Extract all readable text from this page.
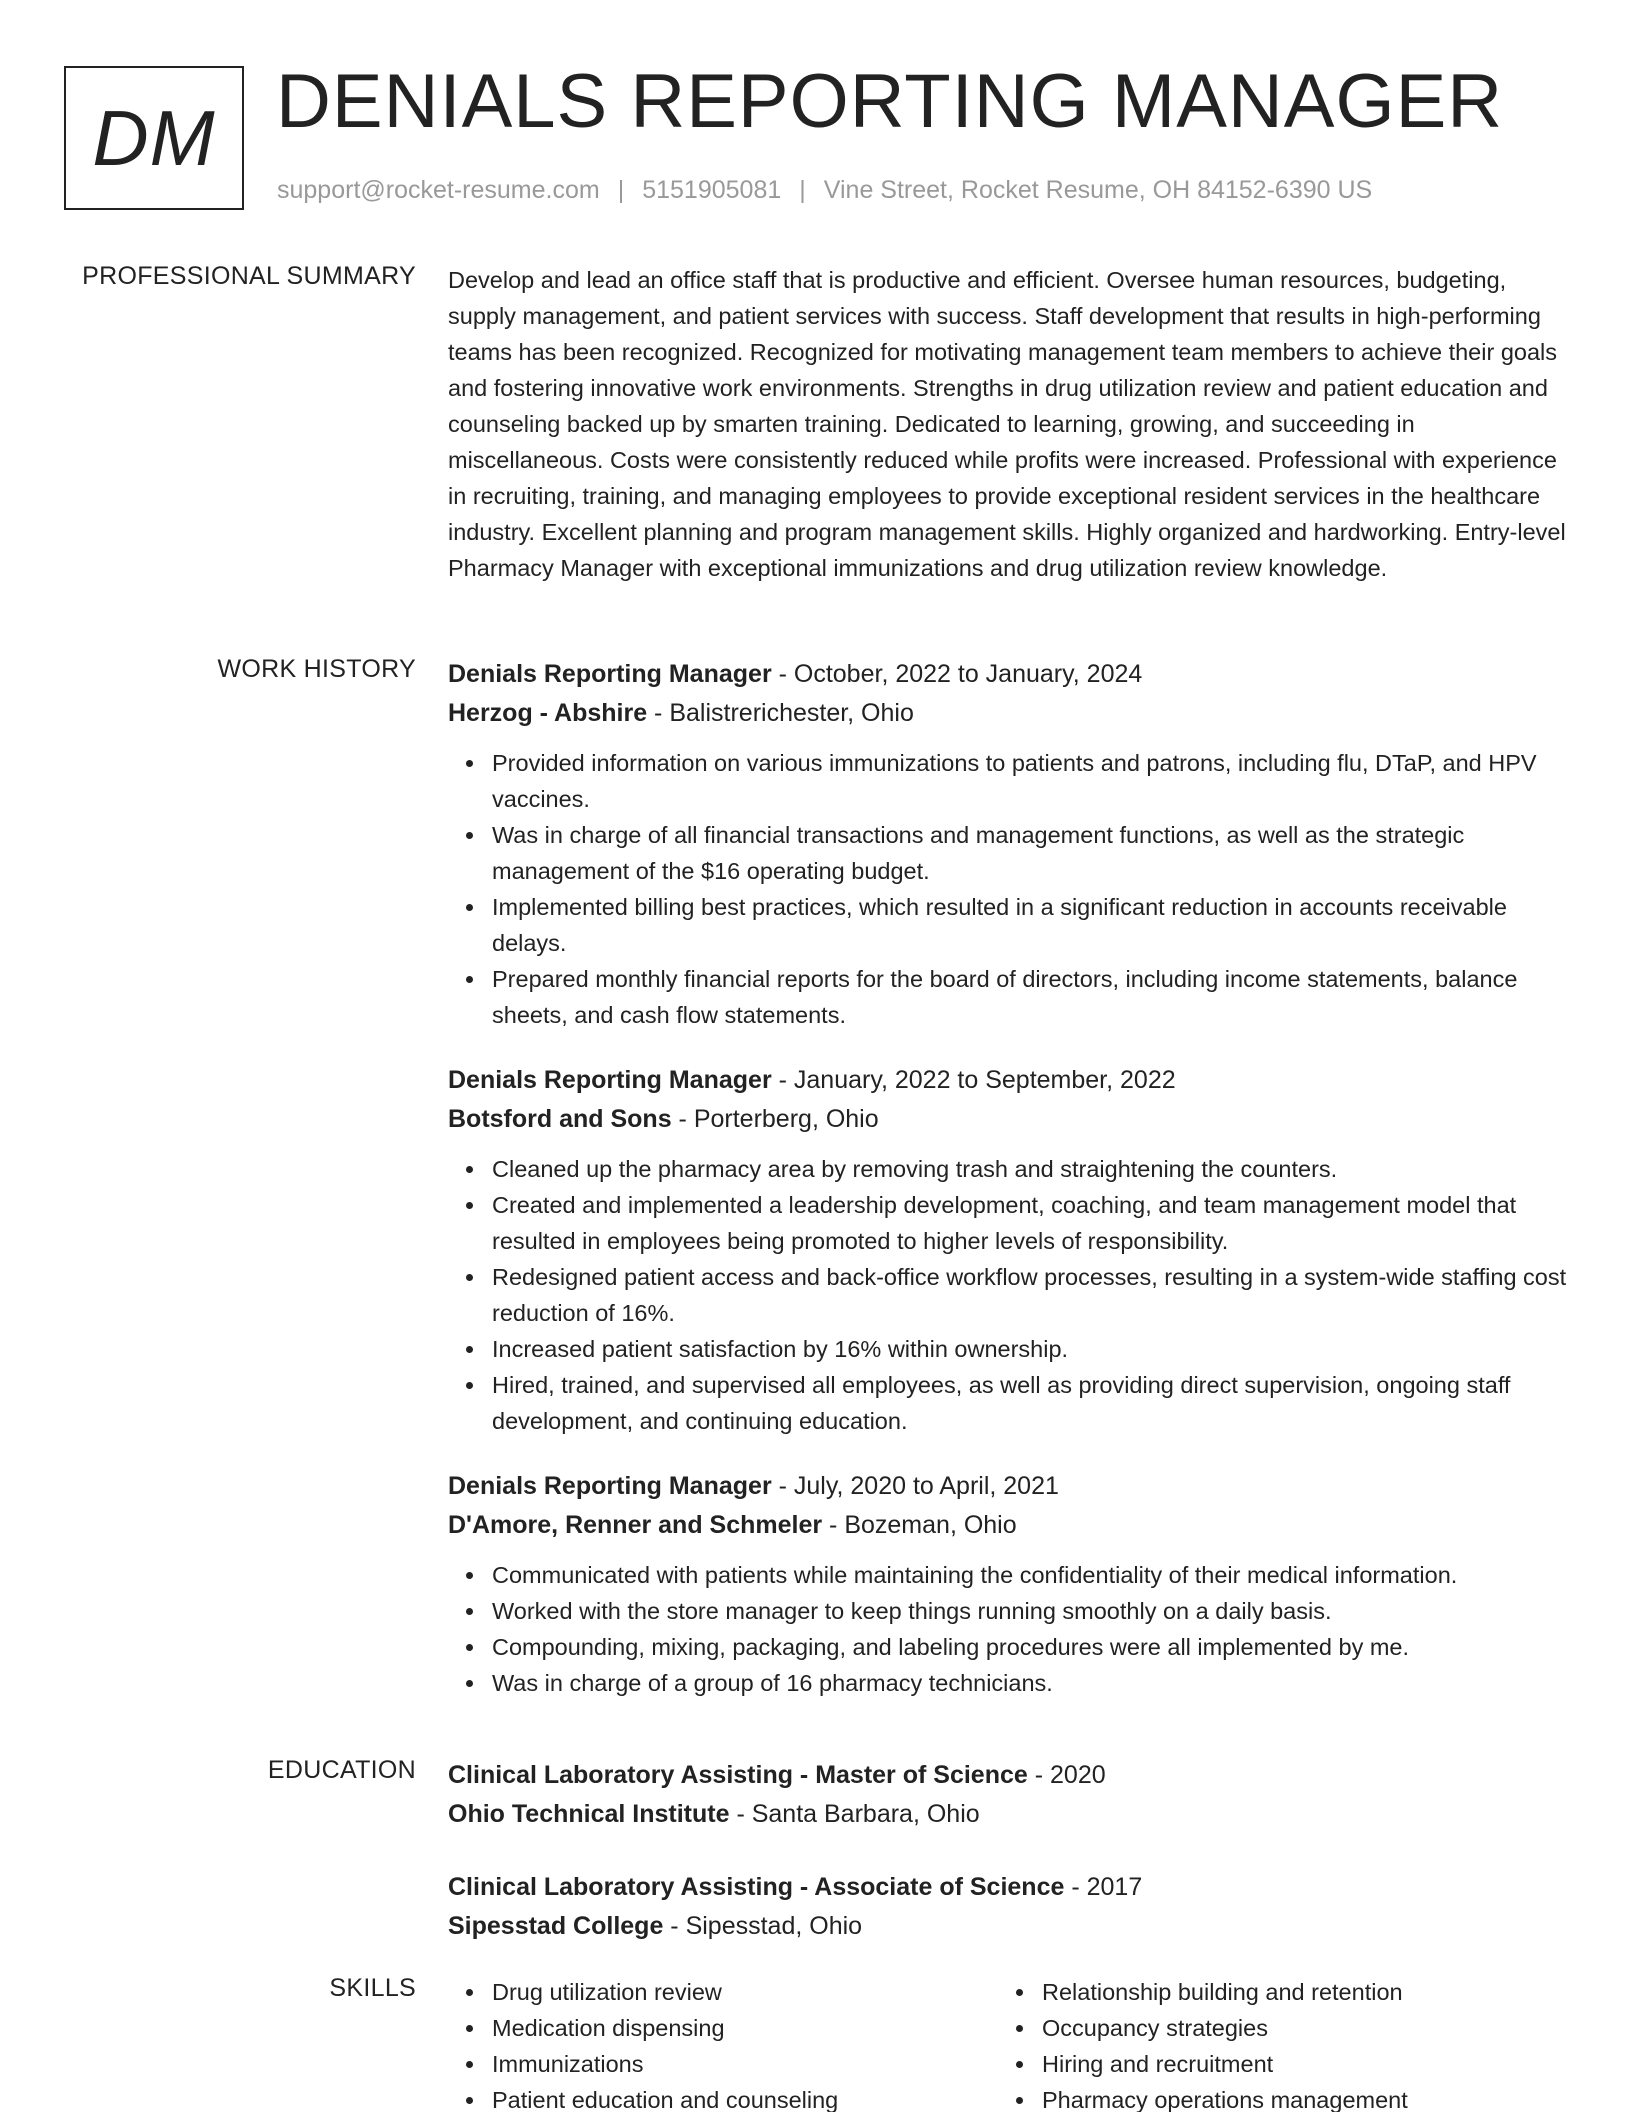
DM DENIALS REPORTING MANAGER
support@rocket-resume.com | 5151905081 | Vine Street, Rocket Resume, OH 84152-6390 US
PROFESSIONAL SUMMARY Develop and lead an office staff that is productive and efficient. Oversee human resources, budgeting, supply management, and patient services with success. Staff development that results in high-performing teams has been recognized. Recognized for motivating management team members to achieve their goals and fostering innovative work environments. Strengths in drug utilization review and patient education and counseling backed up by smarten training. Dedicated to learning, growing, and succeeding in miscellaneous. Costs were consistently reduced while profits were increased. Professional with experience in recruiting, training, and managing employees to provide exceptional resident services in the healthcare industry. Excellent planning and program management skills. Highly organized and hardworking. Entry-level Pharmacy Manager with exceptional immunizations and drug utilization review knowledge.

WORK HISTORY Denials Reporting Manager - October, 2022 to January, 2024
Herzog - Abshire - Balistrerichester, Ohio
Provided information on various immunizations to patients and patrons, including flu, DTaP, and HPV vaccines.
Was in charge of all financial transactions and management functions, as well as the strategic management of the $16 operating budget.
Implemented billing best practices, which resulted in a significant reduction in accounts receivable delays.
Prepared monthly financial reports for the board of directors, including income statements, balance sheets, and cash flow statements.
Denials Reporting Manager - January, 2022 to September, 2022
Botsford and Sons - Porterberg, Ohio
Cleaned up the pharmacy area by removing trash and straightening the counters.
Created and implemented a leadership development, coaching, and team management model that resulted in employees being promoted to higher levels of responsibility.
Redesigned patient access and back-office workflow processes, resulting in a system-wide staffing cost reduction of 16%.
Increased patient satisfaction by 16% within ownership.
Hired, trained, and supervised all employees, as well as providing direct supervision, ongoing staff development, and continuing education.
Denials Reporting Manager - July, 2020 to April, 2021
D'Amore, Renner and Schmeler - Bozeman, Ohio
Communicated with patients while maintaining the confidentiality of their medical information.
Worked with the store manager to keep things running smoothly on a daily basis.
Compounding, mixing, packaging, and labeling procedures were all implemented by me.
Was in charge of a group of 16 pharmacy technicians.
EDUCATION Clinical Laboratory Assisting - Master of Science - 2020
Ohio Technical Institute - Santa Barbara, Ohio
Clinical Laboratory Assisting - Associate of Science - 2017
Sipesstad College - Sipesstad, Ohio
SKILLS	Drug utilization review
Medication dispensing
Immunizations
Patient education and counseling
Relationship building and retention
Occupancy strategies
Hiring and recruitment
Pharmacy operations management
